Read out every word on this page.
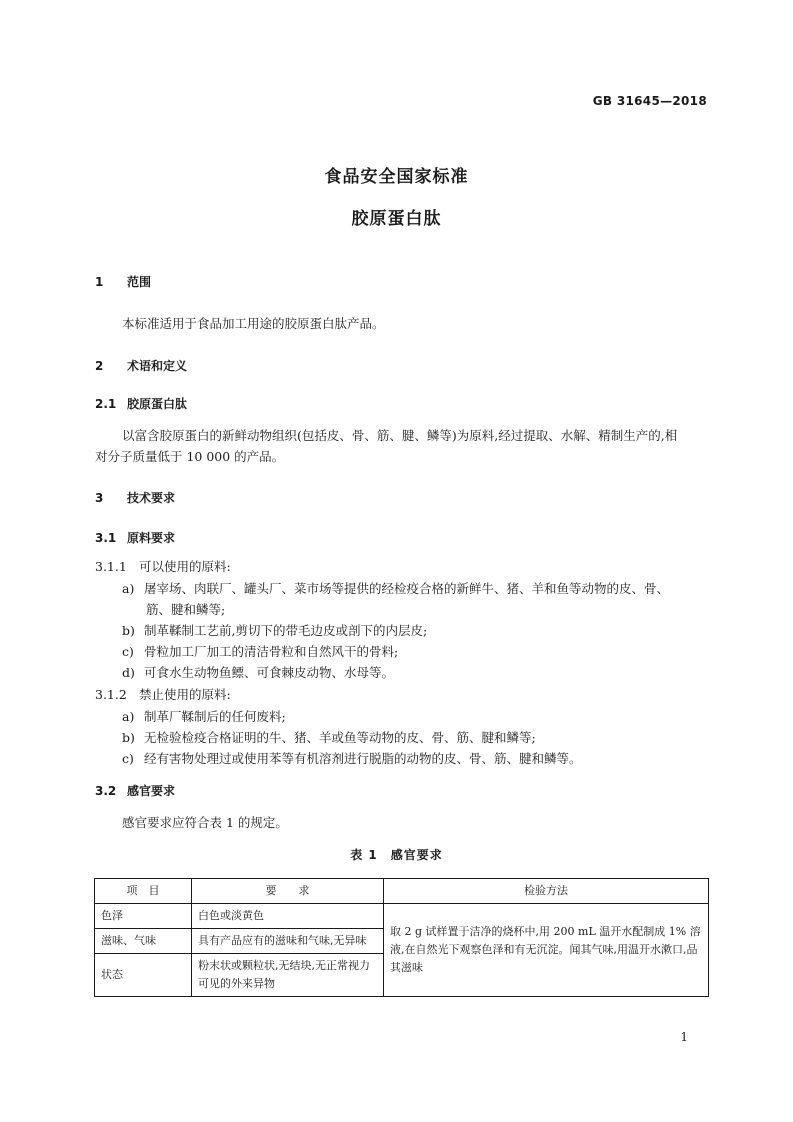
GB 31645—2018
食品安全国家标准
胶原蛋白肽
1 范围
本标准适用于食品加工用途的胶原蛋白肽产品。
2 术语和定义
2.1 胶原蛋白肽
以富含胶原蛋白的新鲜动物组织(包括皮、骨、筋、腱、鳞等)为原料,经过提取、水解、精制生产的,相
对分子质量低于 10 000 的产品。
3 技术要求
3.1 原料要求
3.1.1 可以使用的原料:
a) 屠宰场、肉联厂、罐头厂、菜市场等提供的经检疫合格的新鲜牛、猪、羊和鱼等动物的皮、骨、
筋、腱和鳞等;
b) 制革鞣制工艺前,剪切下的带毛边皮或剖下的内层皮;
c) 骨粒加工厂加工的清洁骨粒和自然风干的骨料;
d) 可食水生动物鱼鳔、可食棘皮动物、水母等。
3.1.2 禁止使用的原料:
a) 制革厂鞣制后的任何废料;
b) 无检验检疫合格证明的牛、猪、羊或鱼等动物的皮、骨、筋、腱和鳞等;
c) 经有害物处理过或使用苯等有机溶剂进行脱脂的动物的皮、骨、筋、腱和鳞等。
3.2 感官要求
感官要求应符合表 1 的规定。
表 1　感官要求
项　目	要　　求	检验方法
色泽	白色或淡黄色	取 2 g 试样置于洁净的烧杯中,用 200 mL 温开水配制成 1% 溶液,在自然光下观察色泽和有无沉淀。闻其气味,用温开水漱口,品其滋味
滋味、气味	具有产品应有的滋味和气味,无异味	
状态	粉末状或颗粒状,无结块,无正常视力可见的外来异物	
1
